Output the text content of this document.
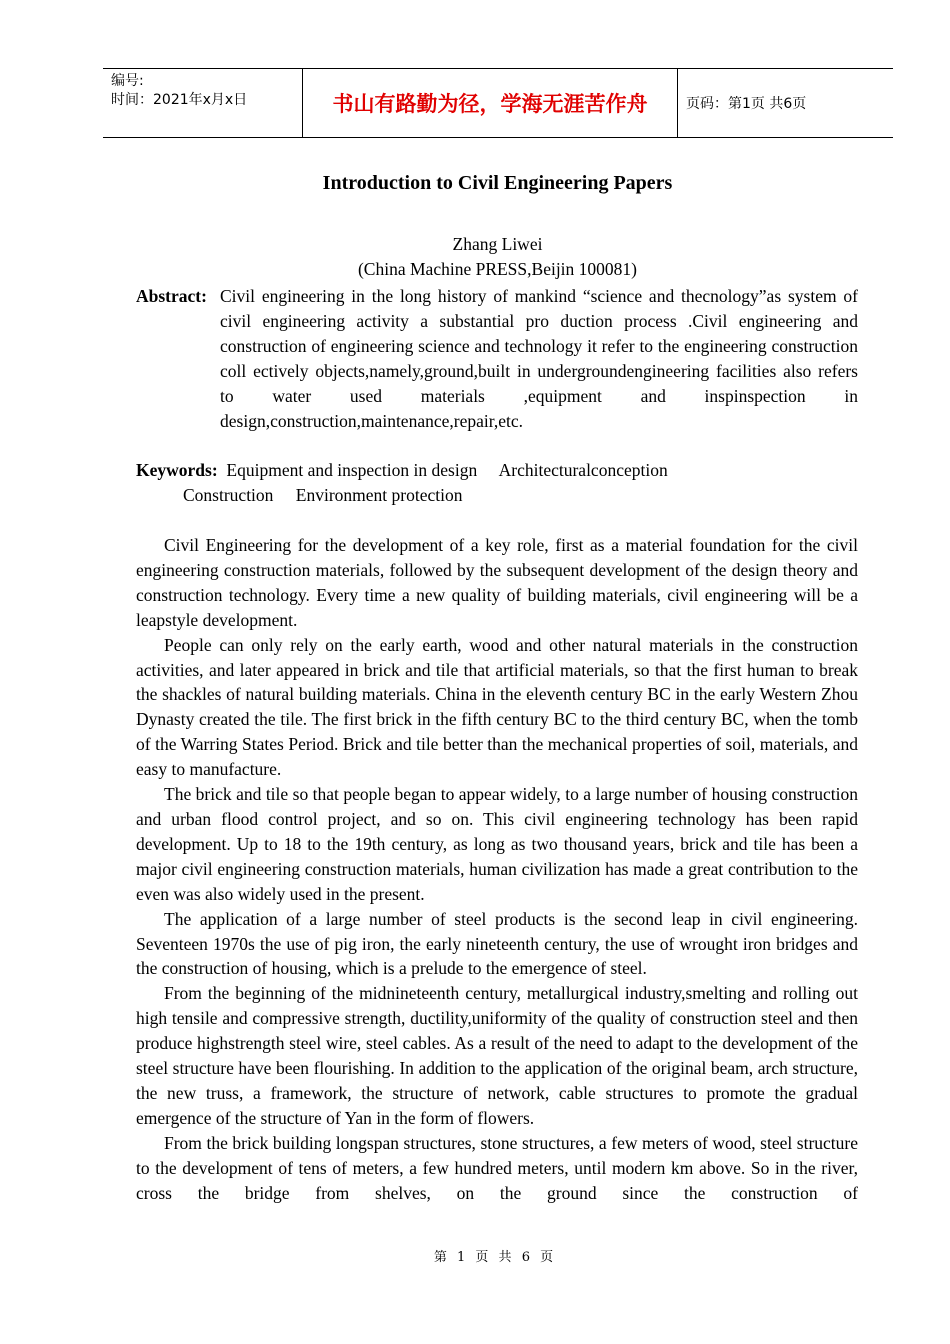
编号:
时间：2021年x月x日	书山有路勤为径，学海无涯苦作舟	页码：第1页 共6页
Introduction to Civil Engineering Papers
Zhang Liwei
(China Machine PRESS,Beijin 100081)
Abstract: Civil engineering in the long history of mankind “science and thecnology”as system of civil engineering activity a substantial pro duction process .Civil engineering and construction of engineering science and technology it refer to the engineering construction coll ectively objects,namely,ground,built in undergroundengineering facilities also refers to water used materials ,equipment and inspinspection in design,construction,maintenance,repair,etc.
Keywords: Equipment and inspection in design Architecturalconception
Construction Environment protection

Civil Engineering for the development of a key role, first as a material foundation for the civil engineering construction materials, followed by the subsequent development of the design theory and construction technology. Every time a new quality of building materials, civil engineering will be a leapstyle development.

People can only rely on the early earth, wood and other natural materials in the construction activities, and later appeared in brick and tile that artificial materials, so that the first human to break the shackles of natural building materials. China in the eleventh century BC in the early Western Zhou Dynasty created the tile. The first brick in the fifth century BC to the third century BC, when the tomb of the Warring States Period. Brick and tile better than the mechanical properties of soil, materials, and easy to manufacture.

The brick and tile so that people began to appear widely, to a large number of housing construction and urban flood control project, and so on. This civil engineering technology has been rapid development. Up to 18 to the 19th century, as long as two thousand years, brick and tile has been a major civil engineering construction materials, human civilization has made a great contribution to the even was also widely used in the present.

The application of a large number of steel products is the second leap in civil engineering. Seventeen 1970s the use of pig iron, the early nineteenth century, the use of wrought iron bridges and the construction of housing, which is a prelude to the emergence of steel.

From the beginning of the midnineteenth century, metallurgical industry,smelting and rolling out high tensile and compressive strength, ductility,uniformity of the quality of construction steel and then produce highstrength steel wire, steel cables. As a result of the need to adapt to the development of the steel structure have been flourishing. In addition to the application of the original beam, arch structure, the new truss, a framework, the structure of network, cable structures to promote the gradual emergence of the structure of Yan in the form of flowers.

From the brick building longspan structures, stone structures, a few meters of wood, steel structure to the development of tens of meters, a few hundred meters, until modern km above. So in the river, cross the bridge from shelves, on the ground since the construction of

第 1 页 共 6 页
